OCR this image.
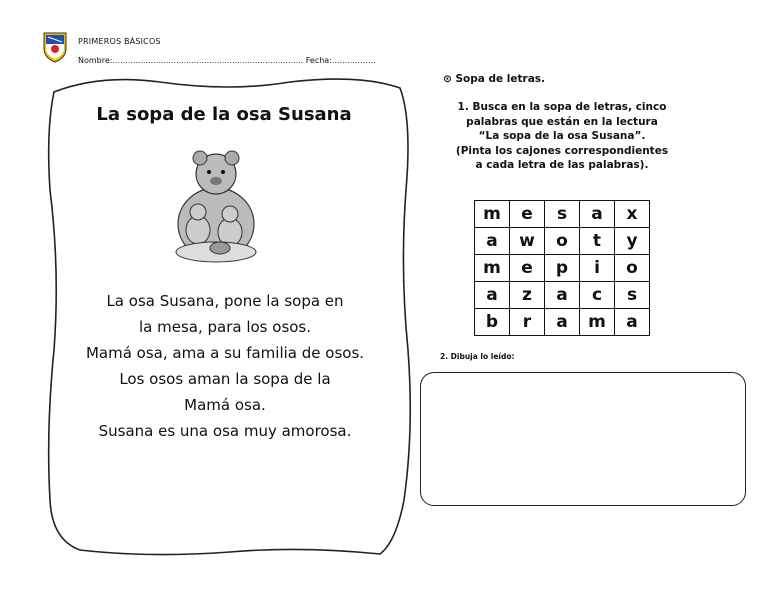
PRIMEROS BÁSICOS
Nombre:........................................................................... Fecha:.........……..
La sopa de la osa Susana
La osa Susana, pone la sopa en
la mesa, para los osos.
Mamá osa, ama a su familia de osos.
Los osos aman la sopa de la
Mamá osa.
Susana es una osa muy amorosa.
⊙ Sopa de letras.
1. Busca en la sopa de letras, cinco
palabras que están en la lectura
“La sopa de la osa Susana”.
(Pinta los cajones correspondientes
a cada letra de las palabras).
m	e	s	a	x
a	w	o	t	y
m	e	p	i	o
a	z	a	c	s
b	r	a	m	a
2. Dibuja lo leído:
